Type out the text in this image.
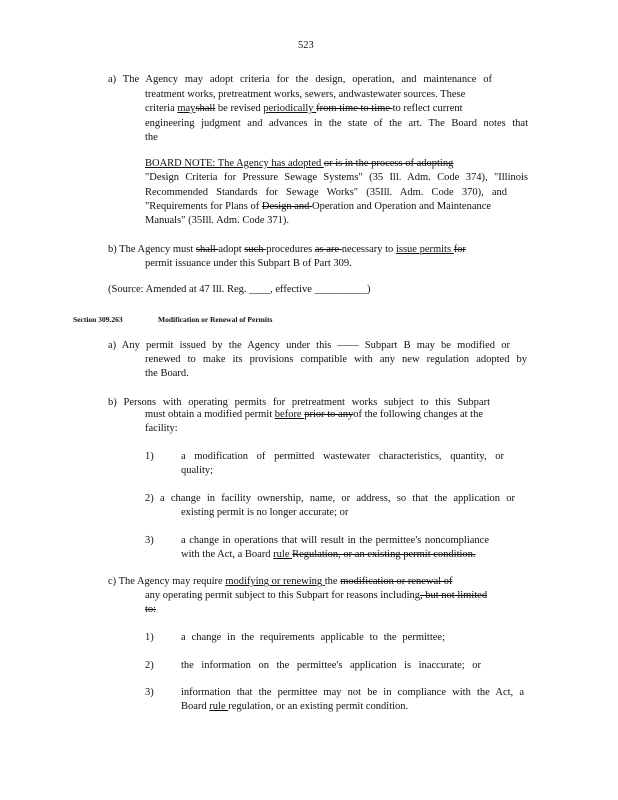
523
a) The Agency may adopt criteria for the design, operation, and maintenance of
treatment works, pretreatment works, sewers, andwastewater sources. These
criteria mayshall be revised periodically from time to time to reflect current
engineering judgment and advances in the state of the art. The Board notes that
the
BOARD NOTE: The Agency has adopted or is in the process of adopting
"Design Criteria for Pressure Sewage Systems" (35 Ill. Adm. Code 374), "Illinois
Recommended Standards for Sewage Works" (35Ill. Adm. Code 370), and
"Requirements for Plans of Design and Operation and Operation and Maintenance
Manuals" (35Ill. Adm. Code 371).
b) The Agency must shall adopt such procedures as are necessary to issue permits for
permit issuance under this Subpart B of Part 309.
(Source: Amended at 47 Ill. Reg. ____, effective __________)
Section 309.263	Modification or Renewal of Permits
a) Any permit issued by the Agency under this —— Subpart B may be modified or
renewed to make its provisions compatible with any new regulation adopted by
the Board.
b) Persons with operating permits for pretreatment works subject to this Subpart
must obtain a modified permit before prior to anyof the following changes at the
facility:
1)	a modification of permitted wastewater characteristics, quantity, or
quality;
2) a change in facility ownership, name, or address, so that the application or
existing permit is no longer accurate; or
3)	a change in operations that will result in the permittee's noncompliance
with the Act, a Board rule Regulation, or an existing permit condition.
c) The Agency may require modifying or renewing the modification or renewal of
any operating permit subject to this Subpart for reasons including, but not limited
to:
1)	a change in the requirements applicable to the permittee;
2)	the information on the permittee's application is inaccurate; or
3)	information that the permittee may not be in compliance with the Act, a
Board rule regulation, or an existing permit condition.
